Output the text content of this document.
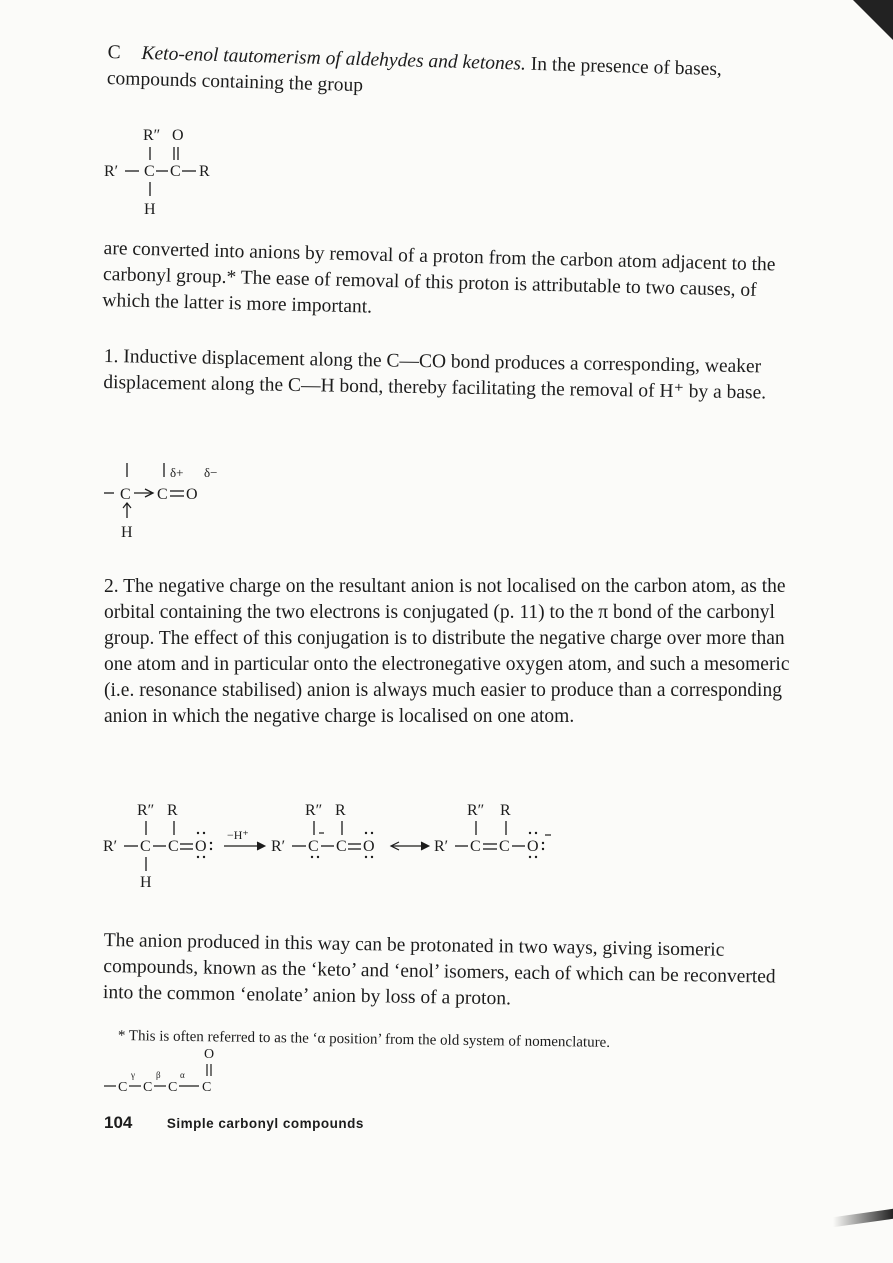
C Keto-enol tautomerism of aldehydes and ketones. In the presence of bases,
compounds containing the group
R″ O
R′ C C R
H
are converted into anions by removal of a proton from the carbon atom adjacent to the carbonyl group.* The ease of removal of this proton is attributable to two causes, of which the latter is more important.
1. Inductive displacement along the C—CO bond produces a corresponding, weaker displacement along the C—H bond, thereby facilitating the removal of H⁺ by a base.
δ+ δ−
C C O
H
2. The negative charge on the resultant anion is not localised on the carbon atom, as the orbital containing the two electrons is conjugated (p. 11) to the π bond of the carbonyl group. The effect of this conjugation is to distribute the negative charge over more than one atom and in particular onto the electronegative oxygen atom, and such a mesomeric (i.e. resonance stabilised) anion is always much easier to produce than a corresponding anion in which the negative charge is localised on one atom.
R″ R
R′ C C O
H
−H⁺
R″ R
R′ C C O
R″ R
R′ C C O
The anion produced in this way can be protonated in two ways, giving isomeric compounds, known as the ‘keto’ and ‘enol’ isomers, each of which can be reconverted into the common ‘enolate’ anion by loss of a proton.
* This is often referred to as the ‘α position’ from the old system of nomenclature.
O
γ β α
C C C C
104	Simple carbonyl compounds
